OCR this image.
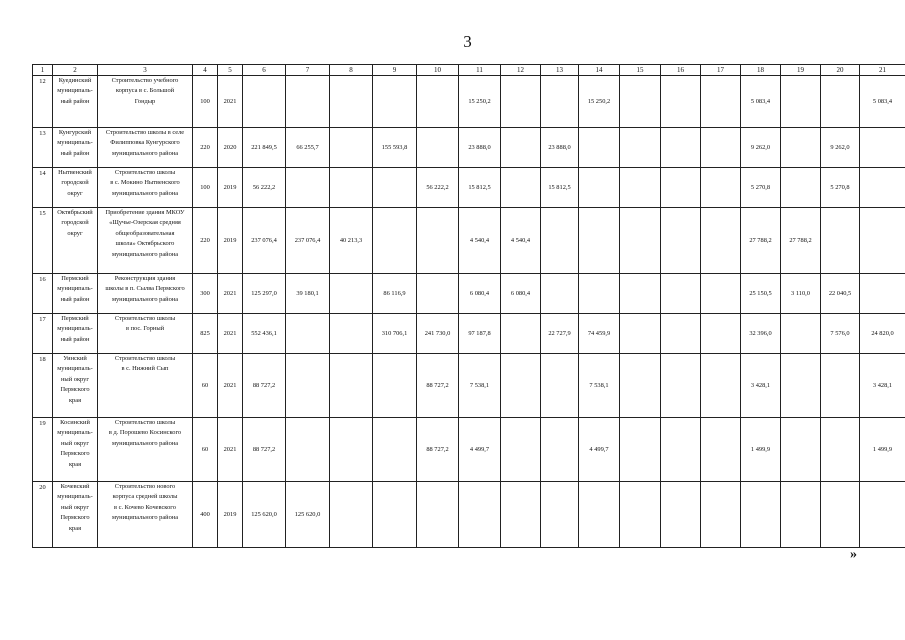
3
1	2	3	4	5	6	7	8	9	10	11	12	13	14	15	16	17	18	19	20	21

12	Куединский
муниципаль-
ный район	Строительство учебного
корпуса в с. Большой
Гондыр	100	2021						15 250,2			15 250,2				5 083,4			5 083,4

13	Кунгурский
муниципаль-
ный район	Строительство школы в селе
Филипповка Кунгурского
муниципального района	220	2020	221 849,5	66 255,7		155 593,8		23 888,0		23 888,0					9 262,0		9 262,0	

14	Нытвенский
городской
округ	Строительство школы
в с. Мокино Нытвенского
муниципального района	100	2019	56 222,2				56 222,2	15 812,5		15 812,5					5 270,8		5 270,8	

15	Октябрьский
городской
округ	Приобретение здания МКОУ
«Щучье-Озерская средняя
общеобразовательная
школа» Октябрьского
муниципального района	220	2019	237 076,4	237 076,4	40 213,3			4 540,4	4 540,4						27 788,2	27 788,2		

16	Пермский
муниципаль-
ный район	Реконструкция здания
школы в п. Сылва Пермского
муниципального района	300	2021	125 297,0	39 180,1		86 116,9		6 080,4	6 080,4						25 150,5	3 110,0	22 040,5	

17	Пермский
муниципаль-
ный район	Строительство школы
в пос. Горный	825	2021	552 436,1			310 706,1	241 730,0	97 187,8		22 727,9	74 459,9				32 396,0		7 576,0	24 820,0

18	Уинский
муниципаль-
ный округ
Пермского
края	Строительство школы
в с. Нижний Сып	60	2021	88 727,2				88 727,2	7 538,1			7 538,1				3 428,1			3 428,1

19	Косинский
муниципаль-
ный округ
Пермского
края	Строительство школы
в д. Порошево Косинского
муниципального района	60	2021	88 727,2				88 727,2	4 499,7			4 499,7				1 499,9			1 499,9

20	Кочевский
муниципаль-
ный округ
Пермского
края	Строительство нового
корпуса средней школы
в с. Кочево Кочевского
муниципального района	400	2019	125 620,0	125 620,0														

»
